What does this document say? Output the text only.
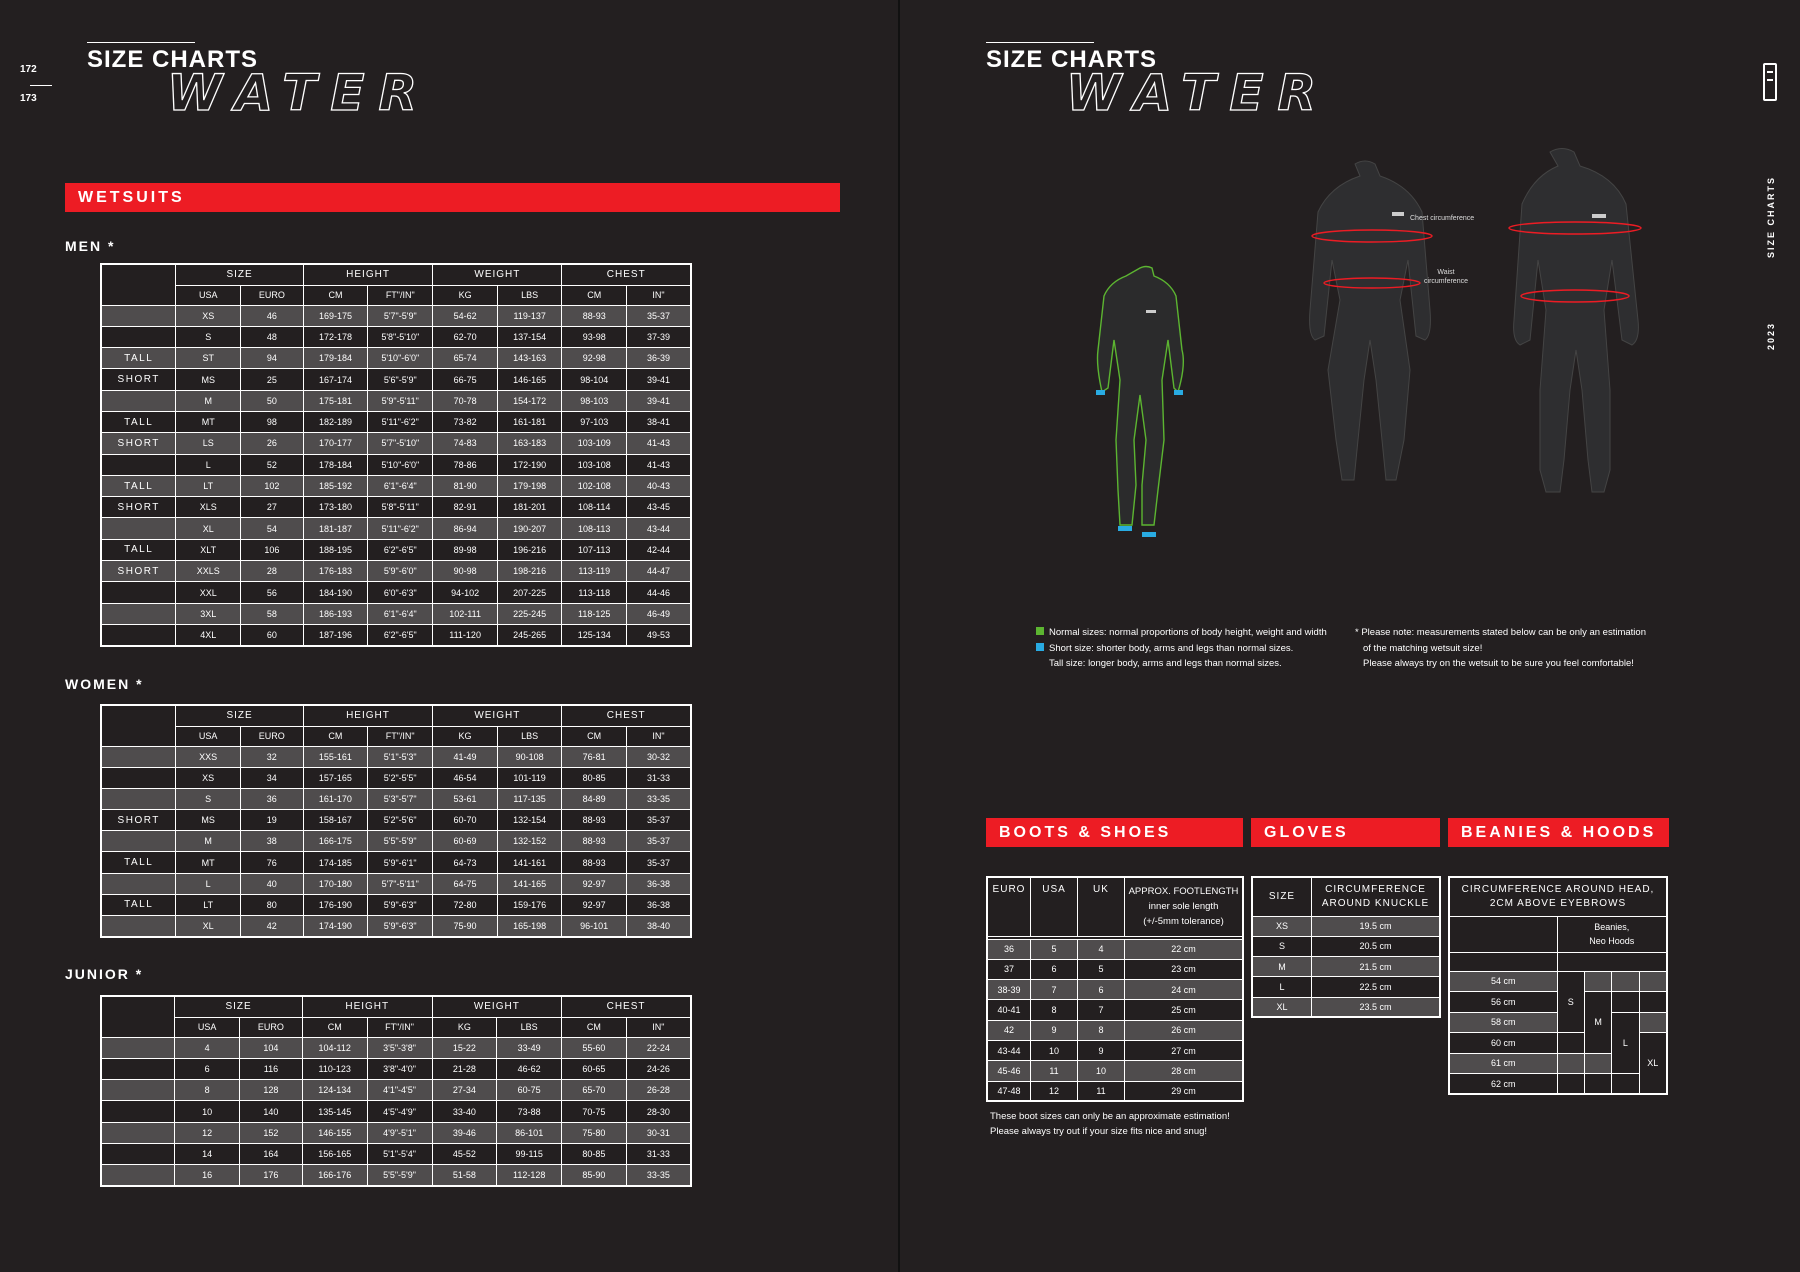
172
173
SIZE CHARTS
WATER
WETSUITS
MEN *
	SIZE		HEIGHT		WEIGHT		CHEST	
	USA	EURO	CM	FT"/IN"	KG	LBS	CM	IN"
	XS	46	169-175	5'7"-5'9"	54-62	119-137	88-93	35-37
	S	48	172-178	5'8"-5'10"	62-70	137-154	93-98	37-39
TALL	ST	94	179-184	5'10"-6'0"	65-74	143-163	92-98	36-39
SHORT	MS	25	167-174	5'6"-5'9"	66-75	146-165	98-104	39-41
	M	50	175-181	5'9"-5'11"	70-78	154-172	98-103	39-41
TALL	MT	98	182-189	5'11"-6'2"	73-82	161-181	97-103	38-41
SHORT	LS	26	170-177	5'7"-5'10"	74-83	163-183	103-109	41-43
	L	52	178-184	5'10"-6'0"	78-86	172-190	103-108	41-43
TALL	LT	102	185-192	6'1"-6'4"	81-90	179-198	102-108	40-43
SHORT	XLS	27	173-180	5'8"-5'11"	82-91	181-201	108-114	43-45
	XL	54	181-187	5'11"-6'2"	86-94	190-207	108-113	43-44
TALL	XLT	106	188-195	6'2"-6'5"	89-98	196-216	107-113	42-44
SHORT	XXLS	28	176-183	5'9"-6'0"	90-98	198-216	113-119	44-47
	XXL	56	184-190	6'0"-6'3"	94-102	207-225	113-118	44-46
	3XL	58	186-193	6'1"-6'4"	102-111	225-245	118-125	46-49
	4XL	60	187-196	6'2"-6'5"	111-120	245-265	125-134	49-53
WOMEN *
	SIZE		HEIGHT		WEIGHT		CHEST	
	USA	EURO	CM	FT"/IN"	KG	LBS	CM	IN"
	XXS	32	155-161	5'1"-5'3"	41-49	90-108	76-81	30-32
	XS	34	157-165	5'2"-5'5"	46-54	101-119	80-85	31-33
	S	36	161-170	5'3"-5'7"	53-61	117-135	84-89	33-35
SHORT	MS	19	158-167	5'2"-5'6"	60-70	132-154	88-93	35-37
	M	38	166-175	5'5"-5'9"	60-69	132-152	88-93	35-37
TALL	MT	76	174-185	5'9"-6'1"	64-73	141-161	88-93	35-37
	L	40	170-180	5'7"-5'11"	64-75	141-165	92-97	36-38
TALL	LT	80	176-190	5'9"-6'3"	72-80	159-176	92-97	36-38
	XL	42	174-190	5'9"-6'3"	75-90	165-198	96-101	38-40
JUNIOR *
	SIZE		HEIGHT		WEIGHT		CHEST	
	USA	EURO	CM	FT"/IN"	KG	LBS	CM	IN"
	4	104	104-112	3'5"-3'8"	15-22	33-49	55-60	22-24
	6	116	110-123	3'8"-4'0"	21-28	46-62	60-65	24-26
	8	128	124-134	4'1"-4'5"	27-34	60-75	65-70	26-28
	10	140	135-145	4'5"-4'9"	33-40	73-88	70-75	28-30
	12	152	146-155	4'9"-5'1"	39-46	86-101	75-80	30-31
	14	164	156-165	5'1"-5'4"	45-52	99-115	80-85	31-33
	16	176	166-176	5'5"-5'9"	51-58	112-128	85-90	33-35
SIZE CHARTS
WATER
SIZE CHARTS
2023
Chest circumference
Waist circumference
Normal sizes: normal proportions of body height, weight and width
Short size: shorter body, arms and legs than normal sizes.
Tall size: longer body, arms and legs than normal sizes.
* Please note: measurements stated below can be only an estimation
of the matching wetsuit size!
Please always try on the wetsuit to be sure you feel comfortable!
BOOTS & SHOES	GLOVES	BEANIES & HOODS
EURO	USA	UK	APPROX. FOOTLENGTH
inner sole length
(+/-5mm tolerance)

36	5	4	22 cm
37	6	5	23 cm
38-39	7	6	24 cm
40-41	8	7	25 cm
42	9	8	26 cm
43-44	10	9	27 cm
45-46	11	10	28 cm
47-48	12	11	29 cm
These boot sizes can only be an approximate estimation!
Please always try out if your size fits nice and snug!
SIZE	CIRCUMFERENCE
AROUND KNUCKLE

XS	19.5 cm
S	20.5 cm
M	21.5 cm
L	22.5 cm
XL	23.5 cm
CIRCUMFERENCE AROUND HEAD,
2CM ABOVE EYEBROWS				

	Beanies,
Neo Hoods			

54 cm	S			
56 cm		M		
58 cm			L	
60 cm				XL
61 cm				
62 cm				
